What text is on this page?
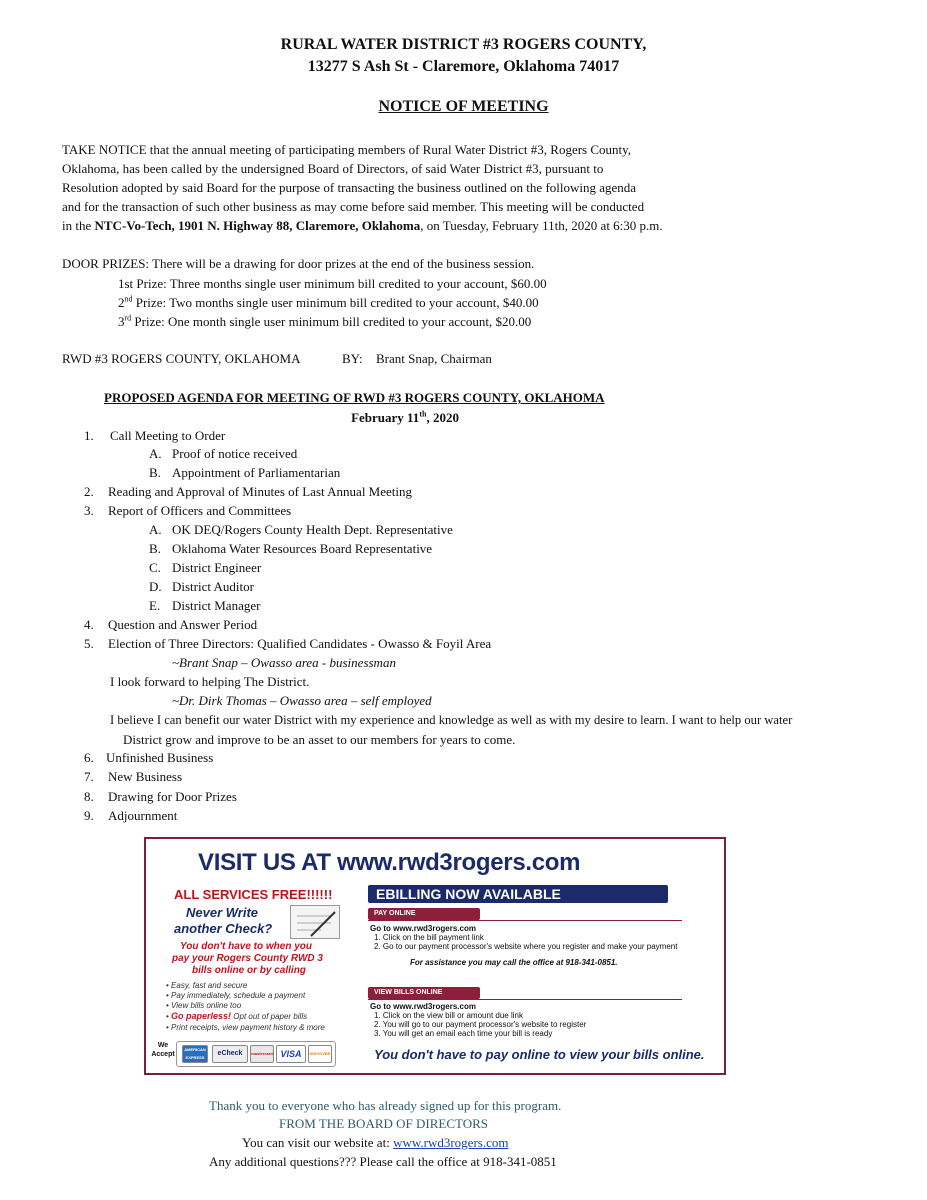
RURAL WATER DISTRICT #3 ROGERS COUNTY,
13277 S Ash St - Claremore, Oklahoma 74017
NOTICE OF MEETING
TAKE NOTICE that the annual meeting of participating members of Rural Water District #3, Rogers County,
Oklahoma, has been called by the undersigned Board of Directors, of said Water District #3, pursuant to
Resolution adopted by said Board for the purpose of transacting the business outlined on the following agenda
and for the transaction of such other business as may come before said member. This meeting will be conducted
in the NTC-Vo-Tech, 1901 N. Highway 88, Claremore, Oklahoma, on Tuesday, February 11th, 2020 at 6:30 p.m.
DOOR PRIZES: There will be a drawing for door prizes at the end of the business session.
1st Prize: Three months single user minimum bill credited to your account, $60.00
2nd Prize: Two months single user minimum bill credited to your account, $40.00
3rd Prize: One month single user minimum bill credited to your account, $20.00
RWD #3 ROGERS COUNTY, OKLAHOMA	BY: Brant Snap, Chairman
PROPOSED AGENDA FOR MEETING OF RWD #3 ROGERS COUNTY, OKLAHOMA
February 11th, 2020
1. Call Meeting to Order
A. Proof of notice received
B. Appointment of Parliamentarian
2. Reading and Approval of Minutes of Last Annual Meeting
3. Report of Officers and Committees
A. OK DEQ/Rogers County Health Dept. Representative
B. Oklahoma Water Resources Board Representative
C. District Engineer
D. District Auditor
E. District Manager
4. Question and Answer Period
5. Election of Three Directors: Qualified Candidates - Owasso & Foyil Area
~Brant Snap – Owasso area - businessman
I look forward to helping The District.
~Dr. Dirk Thomas – Owasso area – self employed
I believe I can benefit our water District with my experience and knowledge as well as with my desire to learn. I want to help our water
District grow and improve to be an asset to our members for years to come.
6. Unfinished Business
7. New Business
8. Drawing for Door Prizes
9. Adjournment
VISIT US AT www.rwd3rogers.com
ALL SERVICES FREE!!!!!!
Never Write
another Check?
You don't have to when you
pay your Rogers County RWD 3
bills online or by calling
• Easy, fast and secure
• Pay immediately, schedule a payment
• View bills online too
• Go paperless! Opt out of paper bills
• Print receipts, view payment history & more
We Accept
AMERICAN EXPRESS
eCheck	mastercard VISA	DISCOVER
EBILLING NOW AVAILABLE
PAY ONLINE
Go to www.rwd3rogers.com
1. Click on the bill payment link
2. Go to our payment processor's website where you register and make your payment
For assistance you may call the office at 918-341-0851.
VIEW BILLS ONLINE
Go to www.rwd3rogers.com
1. Click on the view bill or amount due link
2. You will go to our payment processor's website to register
3. You will get an email each time your bill is ready
You don't have to pay online to view your bills online.
Thank you to everyone who has already signed up for this program.
FROM THE BOARD OF DIRECTORS
You can visit our website at: www.rwd3rogers.com
Any additional questions??? Please call the office at 918-341-0851
